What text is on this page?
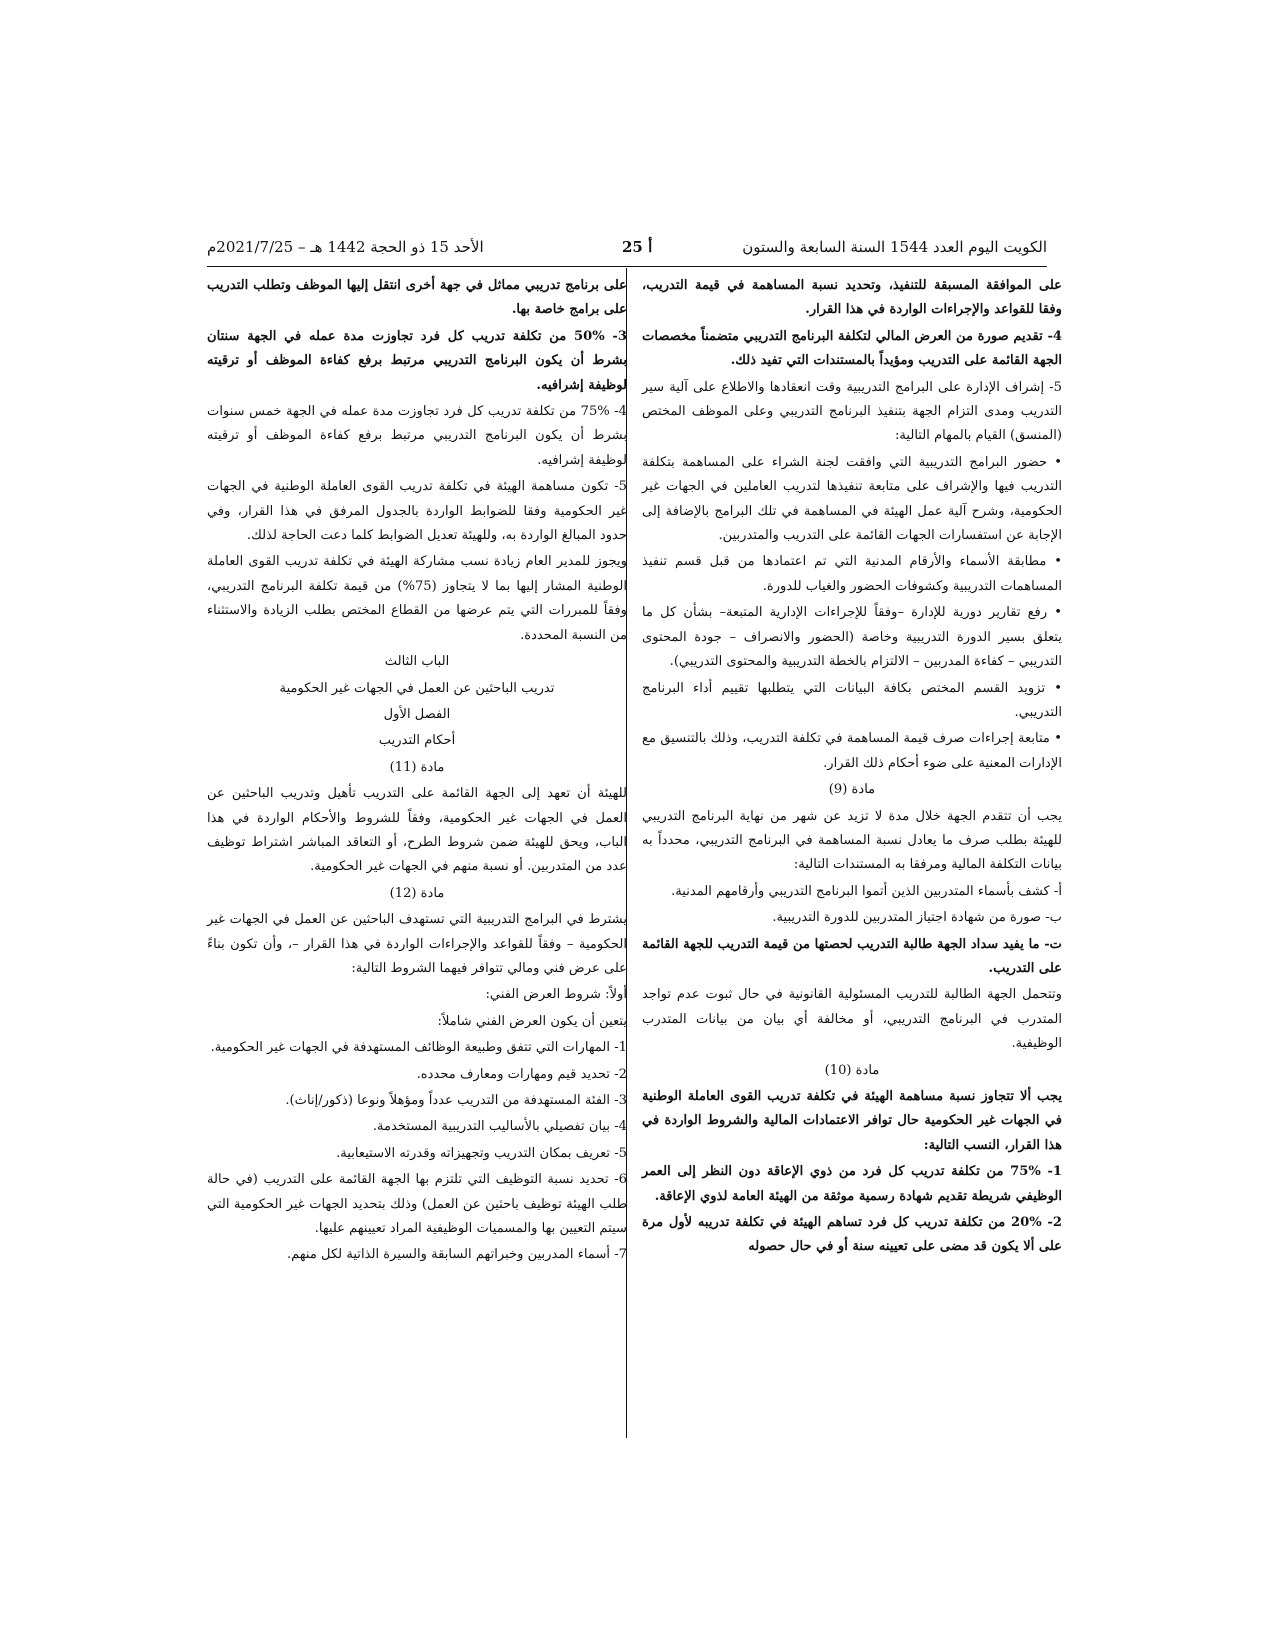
الكويت اليوم العدد 1544 السنة السابعة والستون
أ 25
الأحد 15 ذو الحجة 1442 هـ – 2021/7/25م

على الموافقة المسبقة للتنفيذ، وتحديد نسبة المساهمة في قيمة التدريب، وفقا للقواعد والإجراءات الواردة في هذا القرار.

4- تقديم صورة من العرض المالي لتكلفة البرنامج التدريبي متضمناً مخصصات الجهة القائمة على التدريب ومؤيداً بالمستندات التي تفيد ذلك.

5- إشراف الإدارة على البرامج التدريبية وقت انعقادها والاطلاع على آلية سير التدريب ومدى التزام الجهة بتنفيذ البرنامج التدريبي وعلى الموظف المختص (المنسق) القيام بالمهام التالية:

• حضور البرامج التدريبية التي وافقت لجنة الشراء على المساهمة بتكلفة التدريب فيها والإشراف على متابعة تنفيذها لتدريب العاملين في الجهات غير الحكومية، وشرح آلية عمل الهيئة في المساهمة في تلك البرامج بالإضافة إلى الإجابة عن استفسارات الجهات القائمة على التدريب والمتدربين.

• مطابقة الأسماء والأرقام المدنية التي تم اعتمادها من قبل قسم تنفيذ المساهمات التدريبية وكشوفات الحضور والغياب للدورة.

• رفع تقارير دورية للإدارة –وفقاً للإجراءات الإدارية المتبعة– بشأن كل ما يتعلق بسير الدورة التدريبية وخاصة (الحضور والانصراف – جودة المحتوى التدريبي – كفاءة المدربين – الالتزام بالخطة التدريبية والمحتوى التدريبي).

• تزويد القسم المختص بكافة البيانات التي يتطلبها تقييم أداء البرنامج التدريبي.

• متابعة إجراءات صرف قيمة المساهمة في تكلفة التدريب، وذلك بالتنسيق مع الإدارات المعنية على ضوء أحكام ذلك القرار.

مادة (9)

يجب أن تتقدم الجهة خلال مدة لا تزيد عن شهر من نهاية البرنامج التدريبي للهيئة بطلب صرف ما يعادل نسبة المساهمة في البرنامج التدريبي، محدداً به بيانات التكلفة المالية ومرفقا به المستندات التالية:

أ- كشف بأسماء المتدربين الذين أتموا البرنامج التدريبي وأرقامهم المدنية.

ب- صورة من شهادة اجتياز المتدربين للدورة التدريبية.

ت- ما يفيد سداد الجهة طالبة التدريب لحصتها من قيمة التدريب للجهة القائمة على التدريب.

وتتحمل الجهة الطالبة للتدريب المسئولية القانونية في حال ثبوت عدم تواجد المتدرب في البرنامج التدريبي، أو مخالفة أي بيان من بيانات المتدرب الوظيفية.

مادة (10)

يجب ألا تتجاوز نسبة مساهمة الهيئة في تكلفة تدريب القوى العاملة الوطنية في الجهات غير الحكومية حال توافر الاعتمادات المالية والشروط الواردة في هذا القرار، النسب التالية:

1- 75% من تكلفة تدريب كل فرد من ذوي الإعاقة دون النظر إلى العمر الوظيفي شريطة تقديم شهادة رسمية موثقة من الهيئة العامة لذوي الإعاقة.

2- 20% من تكلفة تدريب كل فرد تساهم الهيئة في تكلفة تدريبه لأول مرة على ألا يكون قد مضى على تعيينه سنة أو في حال حصوله

على برنامج تدريبي مماثل في جهة أخرى انتقل إليها الموظف وتطلب التدريب على برامج خاصة بها.

3- 50% من تكلفة تدريب كل فرد تجاوزت مدة عمله في الجهة سنتان بشرط أن يكون البرنامج التدريبي مرتبط برفع كفاءة الموظف أو ترقيته لوظيفة إشرافيه.

4- 75% من تكلفة تدريب كل فرد تجاوزت مدة عمله في الجهة خمس سنوات بشرط أن يكون البرنامج التدريبي مرتبط برفع كفاءة الموظف أو ترقيته لوظيفة إشرافيه.

5- تكون مساهمة الهيئة في تكلفة تدريب القوى العاملة الوطنية في الجهات غير الحكومية وفقا للضوابط الواردة بالجدول المرفق في هذا القرار، وفي حدود المبالغ الواردة به، وللهيئة تعديل الضوابط كلما دعت الحاجة لذلك.

ويجوز للمدير العام زيادة نسب مشاركة الهيئة في تكلفة تدريب القوى العاملة الوطنية المشار إليها بما لا يتجاوز (75%) من قيمة تكلفة البرنامج التدريبي، وفقاً للمبررات التي يتم عرضها من القطاع المختص بطلب الزيادة والاستثناء من النسبة المحددة.

الباب الثالث

تدريب الباحثين عن العمل في الجهات غير الحكومية

الفصل الأول

أحكام التدريب

مادة (11)

للهيئة أن تعهد إلى الجهة القائمة على التدريب تأهيل وتدريب الباحثين عن العمل في الجهات غير الحكومية، وفقاً للشروط والأحكام الواردة في هذا الباب، ويحق للهيئة ضمن شروط الطرح، أو التعاقد المباشر اشتراط توظيف عدد من المتدربين. أو نسبة منهم في الجهات غير الحكومية.

مادة (12)

يشترط في البرامج التدريبية التي تستهدف الباحثين عن العمل في الجهات غير الحكومية – وفقاً للقواعد والإجراءات الواردة في هذا القرار –، وأن تكون بناءً على عرض فني ومالي تتوافر فيهما الشروط التالية:

أولاً: شروط العرض الفني:

يتعين أن يكون العرض الفني شاملاً:

1- المهارات التي تتفق وطبيعة الوظائف المستهدفة في الجهات غير الحكومية.

2- تحديد قيم ومهارات ومعارف محدده.

3- الفئة المستهدفة من التدريب عدداً ومؤهلاً ونوعا (ذكور/إناث).

4- بيان تفصيلي بالأساليب التدريبية المستخدمة.

5- تعريف بمكان التدريب وتجهيزاته وقدرته الاستيعابية.

6- تحديد نسبة التوظيف التي تلتزم بها الجهة القائمة على التدريب (في حالة طلب الهيئة توظيف باحثين عن العمل) وذلك بتحديد الجهات غير الحكومية التي سيتم التعيين بها والمسميات الوظيفية المراد تعيينهم عليها.

7- أسماء المدربين وخبراتهم السابقة والسيرة الذاتية لكل منهم.
